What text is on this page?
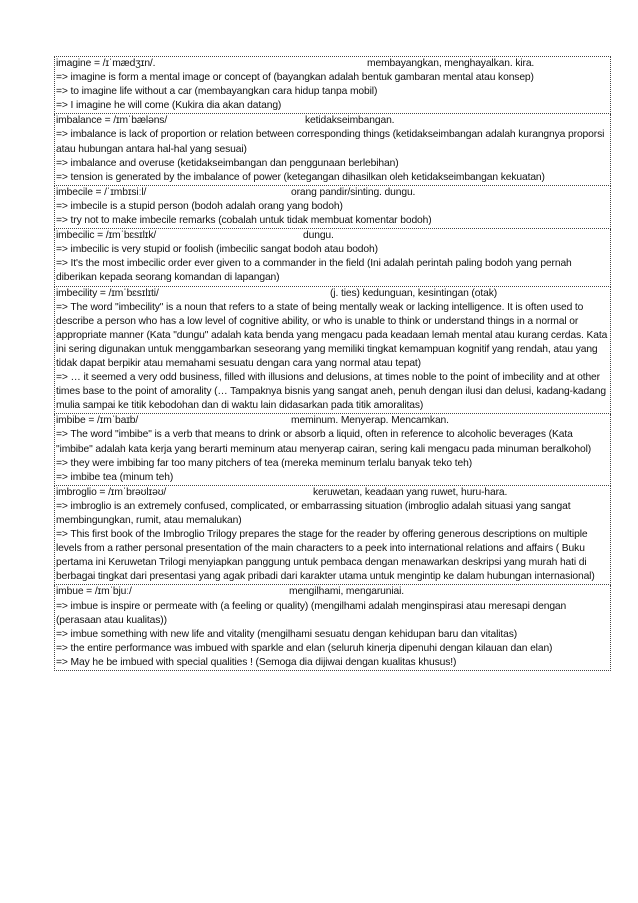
imagine = /ɪˈmædʒɪn/.	membayangkan, menghayalkan. kira.
=> imagine is form a mental image or concept of (bayangkan adalah bentuk gambaran mental atau konsep)
=> to imagine life without a car (membayangkan cara hidup tanpa mobil)
=> I imagine he will come (Kukira dia akan datang)
imbalance = /ɪmˈbæləns/	ketidakseimbangan.
=> imbalance is lack of proportion or relation between corresponding things (ketidakseimbangan adalah kurangnya proporsi atau hubungan antara hal-hal yang sesuai)
=> imbalance and overuse (ketidakseimbangan dan penggunaan berlebihan)
=> tension is generated by the imbalance of power (ketegangan dihasilkan oleh ketidakseimbangan kekuatan)
imbecile = /ˈɪmbɪsiːl/	orang pandir/sinting. dungu.
=> imbecile is a stupid person (bodoh adalah orang yang bodoh)
=> try not to make imbecile remarks (cobalah untuk tidak membuat komentar bodoh)
imbecilic = /ɪmˈbɛsɪlɪk/	dungu.
=> imbecilic is very stupid or foolish (imbecilic sangat bodoh atau bodoh)
=> It's the most imbecilic order ever given to a commander in the field (Ini adalah perintah paling bodoh yang pernah diberikan kepada seorang komandan di lapangan)
imbecility = /ɪmˈbɛsɪlɪti/	(j. ties) kedunguan, kesintingan (otak)
=> The word "imbecility" is a noun that refers to a state of being mentally weak or lacking intelligence. It is often used to describe a person who has a low level of cognitive ability, or who is unable to think or understand things in a normal or appropriate manner (Kata "dungu" adalah kata benda yang mengacu pada keadaan lemah mental atau kurang cerdas. Kata ini sering digunakan untuk menggambarkan seseorang yang memiliki tingkat kemampuan kognitif yang rendah, atau yang tidak dapat berpikir atau memahami sesuatu dengan cara yang normal atau tepat)
=> … it seemed a very odd business, filled with illusions and delusions, at times noble to the point of imbecility and at other times base to the point of amorality (… Tampaknya bisnis yang sangat aneh, penuh dengan ilusi dan delusi, kadang-kadang mulia sampai ke titik kebodohan dan di waktu lain didasarkan pada titik amoralitas)
imbibe = /ɪmˈbaɪb/	meminum. Menyerap. Mencamkan.
=> The word "imbibe" is a verb that means to drink or absorb a liquid, often in reference to alcoholic beverages (Kata "imbibe" adalah kata kerja yang berarti meminum atau menyerap cairan, sering kali mengacu pada minuman beralkohol)
=> they were imbibing far too many pitchers of tea (mereka meminum terlalu banyak teko teh)
=> imbibe tea (minum teh)
imbroglio = /ɪmˈbrəʊlɪəʊ/	keruwetan, keadaan yang ruwet, huru-hara.
=> imbroglio is an extremely confused, complicated, or embarrassing situation (imbroglio adalah situasi yang sangat membingungkan, rumit, atau memalukan)
=> This first book of the Imbroglio Trilogy prepares the stage for the reader by offering generous descriptions on multiple levels from a rather personal presentation of the main characters to a peek into international relations and affairs ( Buku pertama ini Keruwetan Trilogi menyiapkan panggung untuk pembaca dengan menawarkan deskripsi yang murah hati di berbagai tingkat dari presentasi yang agak pribadi dari karakter utama untuk mengintip ke dalam hubungan internasional)
imbue = /ɪmˈbjuː/	mengilhami, mengaruniai.
=> imbue is inspire or permeate with (a feeling or quality) (mengilhami adalah menginspirasi atau meresapi dengan (perasaan atau kualitas))
=> imbue something with new life and vitality (mengilhami sesuatu dengan kehidupan baru dan vitalitas)
=> the entire performance was imbued with sparkle and elan (seluruh kinerja dipenuhi dengan kilauan dan elan)
=> May he be imbued with special qualities ! (Semoga dia dijiwai dengan kualitas khusus!)
